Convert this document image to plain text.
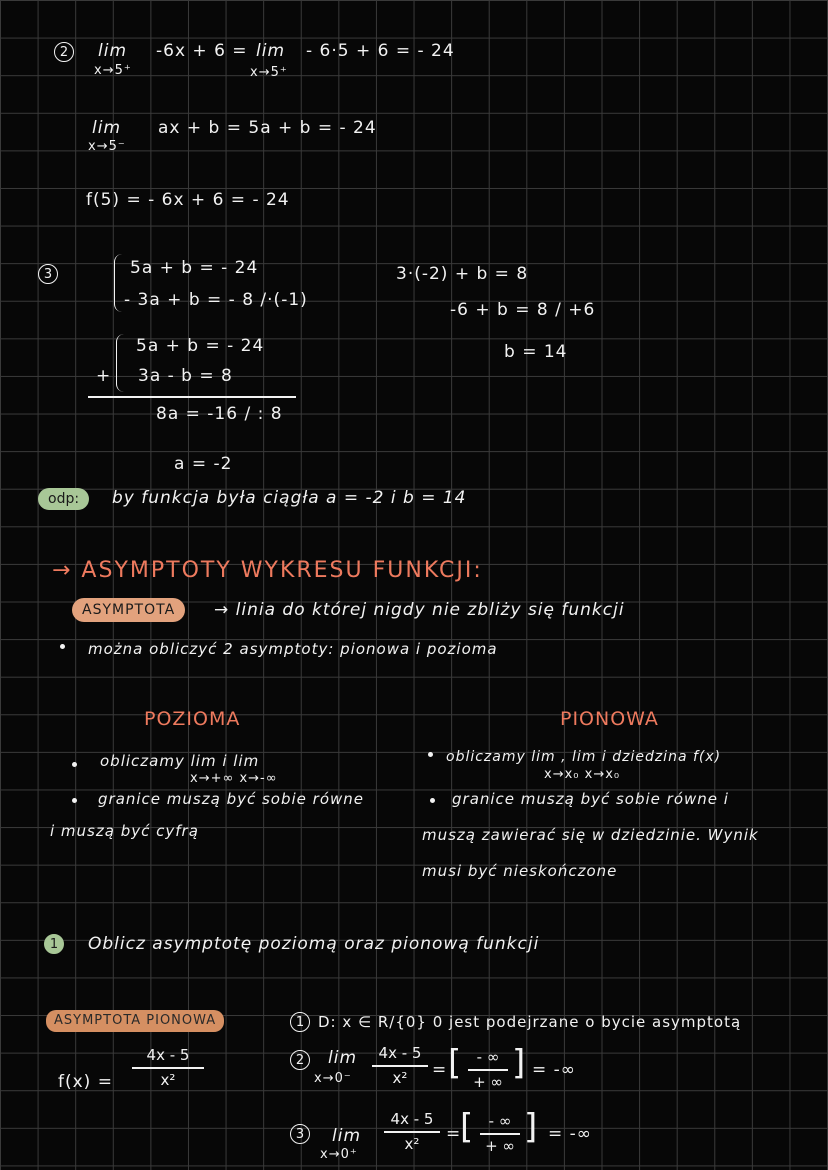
2	lim
x→5⁺
-6x + 6 = lim
x→5⁺
- 6·5 + 6 = - 24
lim
x→5⁻
ax + b = 5a + b = - 24
f(5) = - 6x + 6 = - 24
3	5a + b = - 24
- 3a + b = - 8 /·(-1)
5a + b = - 24
+ 3a - b = 8
8a = -16 / : 8
a = -2
3·(-2) + b = 8
-6 + b = 8 / +6
b = 14
odp:	by funkcja była ciągła a = -2 i b = 14
→ ASYMPTOTY WYKRESU FUNKCJI:
ASYMPTOTA	→ linia do której nigdy nie zbliży się funkcji
można obliczyć 2 asymptoty: pionowa i pozioma
POZIOMA
obliczamy lim i lim
x→+∞ x→-∞
granice muszą być sobie równe
i muszą być cyfrą
PIONOWA
obliczamy lim , lim i dziedzina f(x)
x→x₀ x→x₀
granice muszą być sobie równe i
muszą zawierać się w dziedzinie. Wynik
musi być nieskończone
1	Oblicz asymptotę poziomą oraz pionową funkcji
ASYMPTOTA PIONOWA
f(x) =
4x - 5
x²
1 D: x ∈ R/{0} 0 jest podejrzane o bycie asymptotą
2	lim
x→0⁻
4x - 5
x²	= [	- ∞
+ ∞ ] = -∞
3	lim
x→0⁺
4x - 5
x²	=
[	- ∞
+ ∞ ] = -∞
